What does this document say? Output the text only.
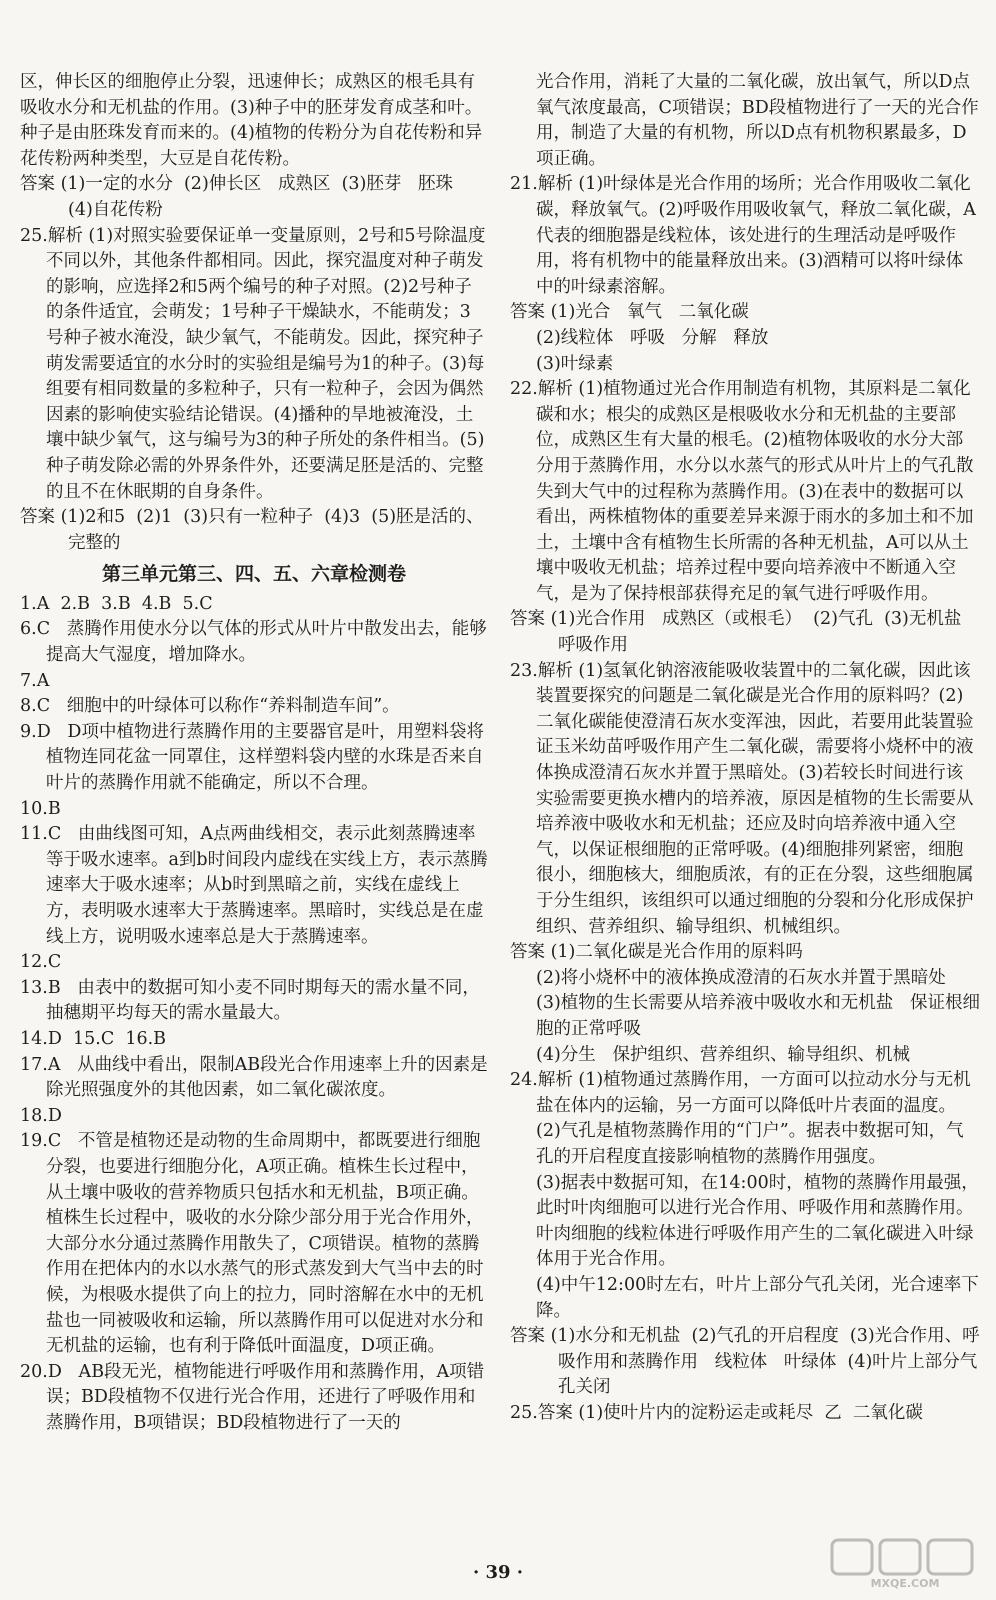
区，伸长区的细胞停止分裂，迅速伸长；成熟区的根毛具有吸收水分和无机盐的作用。(3)种子中的胚芽发育成茎和叶。种子是由胚珠发育而来的。(4)植物的传粉分为自花传粉和异花传粉两种类型，大豆是自花传粉。

答案 (1)一定的水分  (2)伸长区   成熟区  (3)胚芽   胚珠  (4)自花传粉

25.解析 (1)对照实验要保证单一变量原则，2号和5号除温度不同以外，其他条件都相同。因此，探究温度对种子萌发的影响，应选择2和5两个编号的种子对照。(2)2号种子的条件适宜，会萌发；1号种子干燥缺水，不能萌发；3号种子被水淹没，缺少氧气，不能萌发。因此，探究种子萌发需要适宜的水分时的实验组是编号为1的种子。(3)每组要有相同数量的多粒种子，只有一粒种子，会因为偶然因素的影响使实验结论错误。(4)播种的旱地被淹没，土壤中缺少氧气，这与编号为3的种子所处的条件相当。(5)种子萌发除必需的外界条件外，还要满足胚是活的、完整的且不在休眠期的自身条件。

答案 (1)2和5  (2)1  (3)只有一粒种子  (4)3  (5)胚是活的、完整的

第三单元第三、四、五、六章检测卷

1.A  2.B  3.B  4.B  5.C

6.C   蒸腾作用使水分以气体的形式从叶片中散发出去，能够提高大气湿度，增加降水。

7.A

8.C   细胞中的叶绿体可以称作“养料制造车间”。

9.D   D项中植物进行蒸腾作用的主要器官是叶，用塑料袋将植物连同花盆一同罩住，这样塑料袋内壁的水珠是否来自叶片的蒸腾作用就不能确定，所以不合理。

10.B

11.C   由曲线图可知，A点两曲线相交，表示此刻蒸腾速率等于吸水速率。a到b时间段内虚线在实线上方，表示蒸腾速率大于吸水速率；从b时到黑暗之前，实线在虚线上方，表明吸水速率大于蒸腾速率。黑暗时，实线总是在虚线上方，说明吸水速率总是大于蒸腾速率。

12.C

13.B   由表中的数据可知小麦不同时期每天的需水量不同，抽穗期平均每天的需水量最大。

14.D  15.C  16.B

17.A   从曲线中看出，限制AB段光合作用速率上升的因素是除光照强度外的其他因素，如二氧化碳浓度。

18.D

19.C   不管是植物还是动物的生命周期中，都既要进行细胞分裂，也要进行细胞分化，A项正确。植株生长过程中，从土壤中吸收的营养物质只包括水和无机盐，B项正确。植株生长过程中，吸收的水分除少部分用于光合作用外，大部分水分通过蒸腾作用散失了，C项错误。植物的蒸腾作用在把体内的水以水蒸气的形式蒸发到大气当中去的时候，为根吸水提供了向上的拉力，同时溶解在水中的无机盐也一同被吸收和运输，所以蒸腾作用可以促进对水分和无机盐的运输，也有利于降低叶面温度，D项正确。

20.D   AB段无光，植物能进行呼吸作用和蒸腾作用，A项错误；BD段植物不仅进行光合作用，还进行了呼吸作用和蒸腾作用，B项错误；BD段植物进行了一天的

光合作用，消耗了大量的二氧化碳，放出氧气，所以D点氧气浓度最高，C项错误；BD段植物进行了一天的光合作用，制造了大量的有机物，所以D点有机物积累最多，D项正确。

21.解析 (1)叶绿体是光合作用的场所；光合作用吸收二氧化碳，释放氧气。(2)呼吸作用吸收氧气，释放二氧化碳，A代表的细胞器是线粒体，该处进行的生理活动是呼吸作用，将有机物中的能量释放出来。(3)酒精可以将叶绿体中的叶绿素溶解。

答案 (1)光合   氧气   二氧化碳

(2)线粒体   呼吸   分解   释放

(3)叶绿素

22.解析 (1)植物通过光合作用制造有机物，其原料是二氧化碳和水；根尖的成熟区是根吸收水分和无机盐的主要部位，成熟区生有大量的根毛。(2)植物体吸收的水分大部分用于蒸腾作用，水分以水蒸气的形式从叶片上的气孔散失到大气中的过程称为蒸腾作用。(3)在表中的数据可以看出，两株植物体的重要差异来源于雨水的多加土和不加土，土壤中含有植物生长所需的各种无机盐，A可以从土壤中吸收无机盐；培养过程中要向培养液中不断通入空气，是为了保持根部获得充足的氧气进行呼吸作用。

答案 (1)光合作用   成熟区（或根毛）  (2)气孔  (3)无机盐   呼吸作用

23.解析 (1)氢氧化钠溶液能吸收装置中的二氧化碳，因此该装置要探究的问题是二氧化碳是光合作用的原料吗？(2)二氧化碳能使澄清石灰水变浑浊，因此，若要用此装置验证玉米幼苗呼吸作用产生二氧化碳，需要将小烧杯中的液体换成澄清石灰水并置于黑暗处。(3)若较长时间进行该实验需要更换水槽内的培养液，原因是植物的生长需要从培养液中吸收水和无机盐；还应及时向培养液中通入空气，以保证根细胞的正常呼吸。(4)细胞排列紧密，细胞很小，细胞核大，细胞质浓，有的正在分裂，这些细胞属于分生组织，该组织可以通过细胞的分裂和分化形成保护组织、营养组织、输导组织、机械组织。

答案 (1)二氧化碳是光合作用的原料吗

(2)将小烧杯中的液体换成澄清的石灰水并置于黑暗处

(3)植物的生长需要从培养液中吸收水和无机盐   保证根细胞的正常呼吸

(4)分生   保护组织、营养组织、输导组织、机械

24.解析 (1)植物通过蒸腾作用，一方面可以拉动水分与无机盐在体内的运输，另一方面可以降低叶片表面的温度。

(2)气孔是植物蒸腾作用的“门户”。据表中数据可知，气孔的开启程度直接影响植物的蒸腾作用强度。

(3)据表中数据可知，在14:00时，植物的蒸腾作用最强，此时叶肉细胞可以进行光合作用、呼吸作用和蒸腾作用。叶肉细胞的线粒体进行呼吸作用产生的二氧化碳进入叶绿体用于光合作用。

(4)中午12:00时左右，叶片上部分气孔关闭，光合速率下降。

答案 (1)水分和无机盐  (2)气孔的开启程度  (3)光合作用、呼吸作用和蒸腾作用   线粒体   叶绿体  (4)叶片上部分气孔关闭

25.答案 (1)使叶片内的淀粉运走或耗尽  乙  二氧化碳

· 39 ·
MXQE.COM
